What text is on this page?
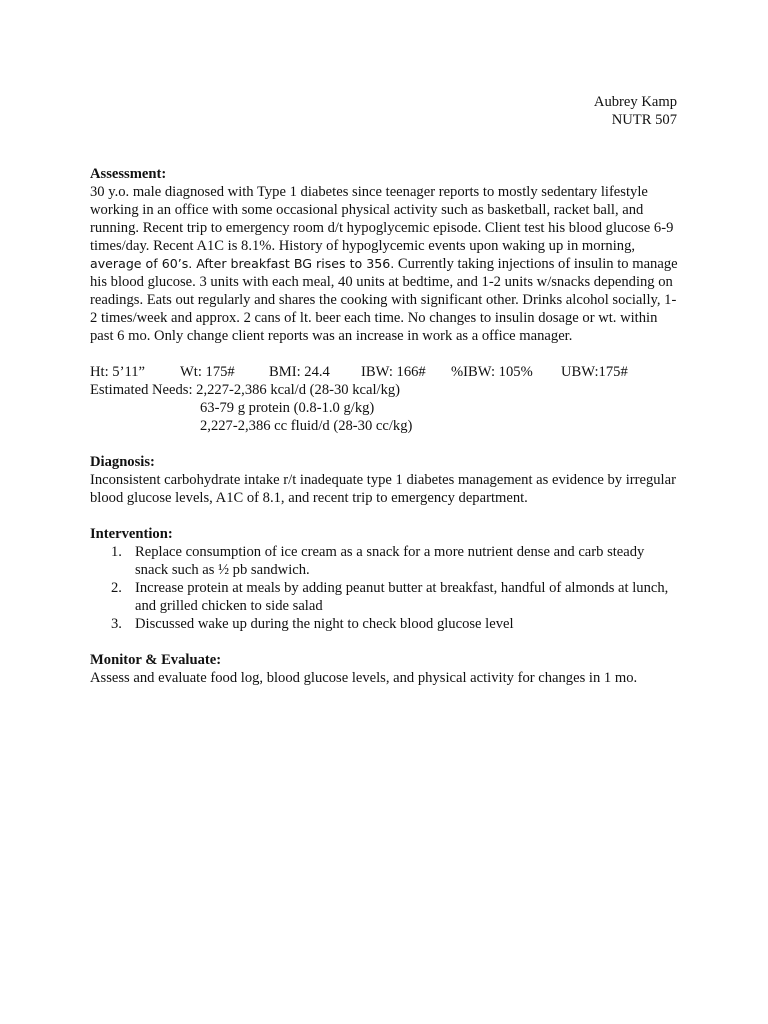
Aubrey Kamp
NUTR 507

Assessment:

30 y.o. male diagnosed with Type 1 diabetes since teenager reports to mostly sedentary lifestyle working in an office with some occasional physical activity such as basketball, racket ball, and running. Recent trip to emergency room d/t hypoglycemic episode. Client test his blood glucose 6-9 times/day. Recent A1C is 8.1%. History of hypoglycemic events upon waking up in morning, average of 60’s. After breakfast BG rises to 356. Currently taking injections of insulin to manage his blood glucose. 3 units with each meal, 40 units at bedtime, and 1-2 units w/snacks depending on readings. Eats out regularly and shares the cooking with significant other. Drinks alcohol socially, 1-2 times/week and approx. 2 cans of lt. beer each time. No changes to insulin dosage or wt. within past 6 mo. Only change client reports was an increase in work as a office manager.

Ht: 5’11”	Wt: 175#	BMI: 24.4	IBW: 166#	%IBW: 105%	UBW:175#
Estimated Needs: 2,227-2,386 kcal/d (28-30 kcal/kg)
63-79 g protein (0.8-1.0 g/kg)
2,227-2,386 cc fluid/d (28-30 cc/kg)

Diagnosis:

Inconsistent carbohydrate intake r/t inadequate type 1 diabetes management as evidence by irregular blood glucose levels, A1C of 8.1, and recent trip to emergency department.

Intervention:

1. Replace consumption of ice cream as a snack for a more nutrient dense and carb steady snack such as ½ pb sandwich.
2. Increase protein at meals by adding peanut butter at breakfast, handful of almonds at lunch, and grilled chicken to side salad
3. Discussed wake up during the night to check blood glucose level

Monitor & Evaluate:

Assess and evaluate food log, blood glucose levels, and physical activity for changes in 1 mo.
